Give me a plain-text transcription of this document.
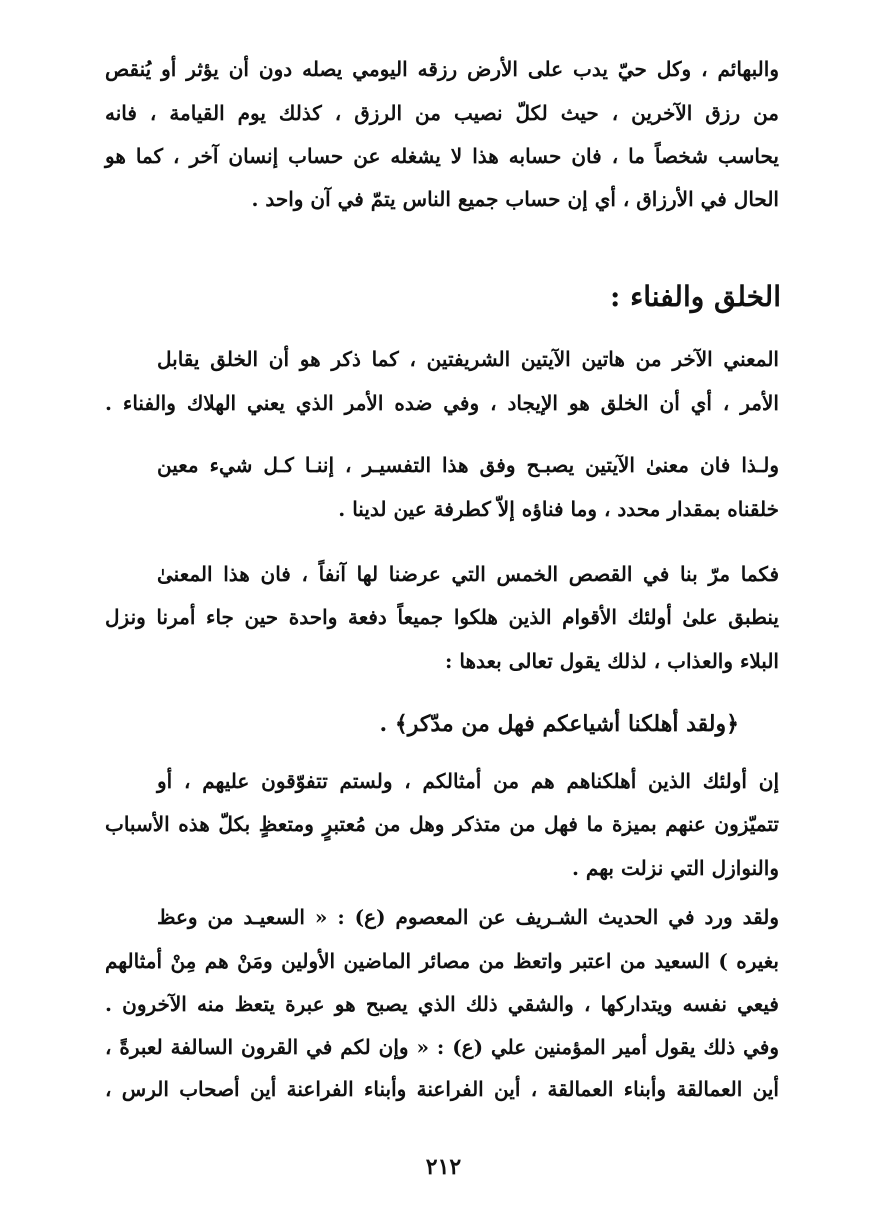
والبهائم ، وكل حيّ يدب على الأرض رزقه اليومي يصله دون أن يؤثر أو يُنقص
من رزق الآخرين ، حيث لكلّ نصيب من الرزق ، كذلك يوم القيامة ، فانه
يحاسب شخصاً ما ، فان حسابه هذا لا يشغله عن حساب إنسان آخر ، كما هو
الحال في الأرزاق ، أي إن حساب جميع الناس يتمّ في آن واحد .
الخلق والفناء :
المعني الآخر من هاتين الآيتين الشريفتين ، كما ذكر هو أن الخلق يقابل
الأمر ، أي أن الخلق هو الإيجاد ، وفي ضده الأمر الذي يعني الهلاك والفناء .
ولـذا فان معنىٰ الآيتين يصبـح وفق هذا التفسيـر ، إننـا كـل شيء معين
خلقناه بمقدار محدد ، وما فناؤه إلاّ كطرفة عين لدينا .
فكما مرّ بنا في القصص الخمس التي عرضنا لها آنفاً ، فان هذا المعنىٰ
ينطبق علىٰ أولئك الأقوام الذين هلكوا جميعاً دفعة واحدة حين جاء أمرنا ونزل
البلاء والعذاب ، لذلك يقول تعالى بعدها :
﴿ولقد أهلكنا أشياعكم فهل من مدّكر﴾ .
إن أولئك الذين أهلكناهم هم من أمثالكم ، ولستم تتفوّقون عليهم ، أو
تتميّزون عنهم بميزة ما فهل من متذكر وهل من مُعتبرٍ ومتعظٍ بكلّ هذه الأسباب
والنوازل التي نزلت بهم .
ولقد ورد في الحديث الشـريف عن المعصوم (ع) : « السعيـد من وعظ
بغيره ) السعيد من اعتبر واتعظ من مصائر الماضين الأولين ومَنْ هم مِنْ أمثالهم
فيعي نفسه ويتداركها ، والشقي ذلك الذي يصبح هو عبرة يتعظ منه الآخرون .
وفي ذلك يقول أمير المؤمنين علي (ع) : « وإن لكم في القرون السالفة لعبرةً ،
أين العمالقة وأبناء العمالقة ، أين الفراعنة وأبناء الفراعنة أين أصحاب الرس ،
٢١٢
